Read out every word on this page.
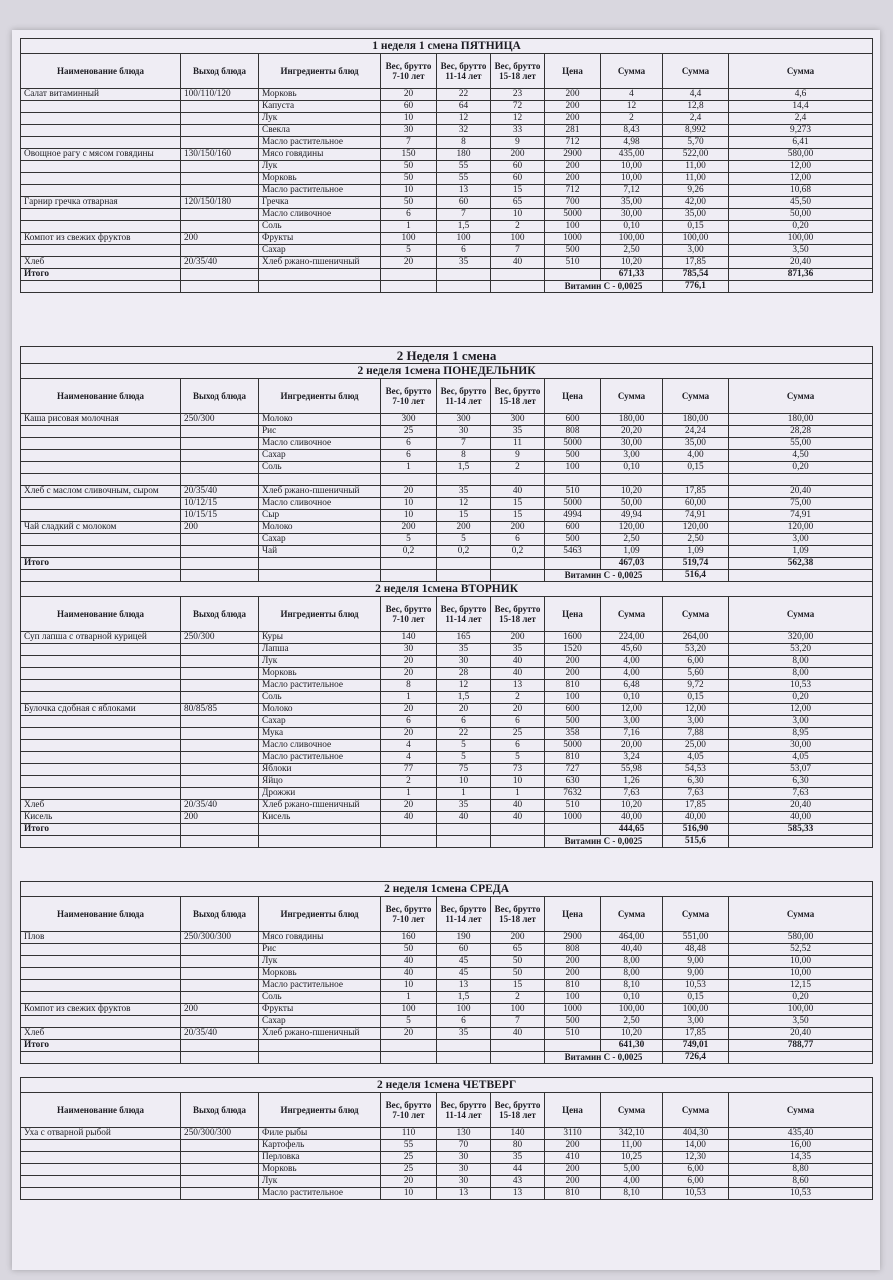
1 неделя 1 смена ПЯТНИЦА									
Наименование блюда	Выход блюда	Ингредиенты блюд	Вес, брутто 7-10 лет	Вес, брутто 11-14 лет	Вес, брутто 15-18 лет	Цена	Сумма	Сумма	Сумма
Салат витаминный	100/110/120	Морковь	20	22	23	200	4	4,4	4,6
		Капуста	60	64	72	200	12	12,8	14,4
		Лук	10	12	12	200	2	2,4	2,4
		Свекла	30	32	33	281	8,43	8,992	9,273
		Масло растительное	7	8	9	712	4,98	5,70	6,41
Овощное рагу с мясом говядины	130/150/160	Мясо говядины	150	180	200	2900	435,00	522,00	580,00
		Лук	50	55	60	200	10,00	11,00	12,00
		Морковь	50	55	60	200	10,00	11,00	12,00
		Масло растительное	10	13	15	712	7,12	9,26	10,68
Гарнир гречка отварная	120/150/180	Гречка	50	60	65	700	35,00	42,00	45,50
		Масло сливочное	6	7	10	5000	30,00	35,00	50,00
		Соль	1	1,5	2	100	0,10	0,15	0,20
Компот из свежих фруктов	200	Фрукты	100	100	100	1000	100,00	100,00	100,00
		Сахар	5	6	7	500	2,50	3,00	3,50
Хлеб	20/35/40	Хлеб ржано-пшеничный	20	35	40	510	10,20	17,85	20,40
Итого							671,33	785,54	871,36
						Витамин С - 0,0025		776,1	
2 Неделя 1 смена									
2 неделя 1смена ПОНЕДЕЛЬНИК									
Наименование блюда	Выход блюда	Ингредиенты блюд	Вес, брутто 7-10 лет	Вес, брутто 11-14 лет	Вес, брутто 15-18 лет	Цена	Сумма	Сумма	Сумма
Каша рисовая молочная	250/300	Молоко	300	300	300	600	180,00	180,00	180,00
		Рис	25	30	35	808	20,20	24,24	28,28
		Масло сливочное	6	7	11	5000	30,00	35,00	55,00
		Сахар	6	8	9	500	3,00	4,00	4,50
		Соль	1	1,5	2	100	0,10	0,15	0,20

Хлеб с маслом сливочным, сыром	20/35/40	Хлеб ржано-пшеничный	20	35	40	510	10,20	17,85	20,40
	10/12/15	Масло сливочное	10	12	15	5000	50,00	60,00	75,00
	10/15/15	Сыр	10	15	15	4994	49,94	74,91	74,91
Чай сладкий с молоком	200	Молоко	200	200	200	600	120,00	120,00	120,00
		Сахар	5	5	6	500	2,50	2,50	3,00
		Чай	0,2	0,2	0,2	5463	1,09	1,09	1,09
Итого							467,03	519,74	562,38
						Витамин С - 0,0025		516,4	
2 неделя 1смена ВТОРНИК									
Наименование блюда	Выход блюда	Ингредиенты блюд	Вес, брутто 7-10 лет	Вес, брутто 11-14 лет	Вес, брутто 15-18 лет	Цена	Сумма	Сумма	Сумма
Суп лапша с отварной курицей	250/300	Куры	140	165	200	1600	224,00	264,00	320,00
		Лапша	30	35	35	1520	45,60	53,20	53,20
		Лук	20	30	40	200	4,00	6,00	8,00
		Морковь	20	28	40	200	4,00	5,60	8,00
		Масло растительное	8	12	13	810	6,48	9,72	10,53
		Соль	1	1,5	2	100	0,10	0,15	0,20
Булочка сдобная с яблоками	80/85/85	Молоко	20	20	20	600	12,00	12,00	12,00
		Сахар	6	6	6	500	3,00	3,00	3,00
		Мука	20	22	25	358	7,16	7,88	8,95
		Масло сливочное	4	5	6	5000	20,00	25,00	30,00
		Масло растительное	4	5	5	810	3,24	4,05	4,05
		Яблоки	77	75	73	727	55,98	54,53	53,07
		Яйцо	2	10	10	630	1,26	6,30	6,30
		Дрожжи	1	1	1	7632	7,63	7,63	7,63
Хлеб	20/35/40	Хлеб ржано-пшеничный	20	35	40	510	10,20	17,85	20,40
Кисель	200	Кисель	40	40	40	1000	40,00	40,00	40,00
Итого							444,65	516,90	585,33
						Витамин С - 0,0025		515,6	
2 неделя 1смена СРЕДА									
Наименование блюда	Выход блюда	Ингредиенты блюд	Вес, брутто 7-10 лет	Вес, брутто 11-14 лет	Вес, брутто 15-18 лет	Цена	Сумма	Сумма	Сумма
Плов	250/300/300	Мясо говядины	160	190	200	2900	464,00	551,00	580,00
		Рис	50	60	65	808	40,40	48,48	52,52
		Лук	40	45	50	200	8,00	9,00	10,00
		Морковь	40	45	50	200	8,00	9,00	10,00
		Масло растительное	10	13	15	810	8,10	10,53	12,15
		Соль	1	1,5	2	100	0,10	0,15	0,20
Компот из свежих фруктов	200	Фрукты	100	100	100	1000	100,00	100,00	100,00
		Сахар	5	6	7	500	2,50	3,00	3,50
Хлеб	20/35/40	Хлеб ржано-пшеничный	20	35	40	510	10,20	17,85	20,40
Итого							641,30	749,01	788,77
						Витамин С - 0,0025		726,4	
2 неделя 1смена ЧЕТВЕРГ									
Наименование блюда	Выход блюда	Ингредиенты блюд	Вес, брутто 7-10 лет	Вес, брутто 11-14 лет	Вес, брутто 15-18 лет	Цена	Сумма	Сумма	Сумма
Уха с отварной рыбой	250/300/300	Филе рыбы	110	130	140	3110	342,10	404,30	435,40
		Картофель	55	70	80	200	11,00	14,00	16,00
		Перловка	25	30	35	410	10,25	12,30	14,35
		Морковь	25	30	44	200	5,00	6,00	8,80
		Лук	20	30	43	200	4,00	6,00	8,60
		Масло растительное	10	13	13	810	8,10	10,53	10,53
